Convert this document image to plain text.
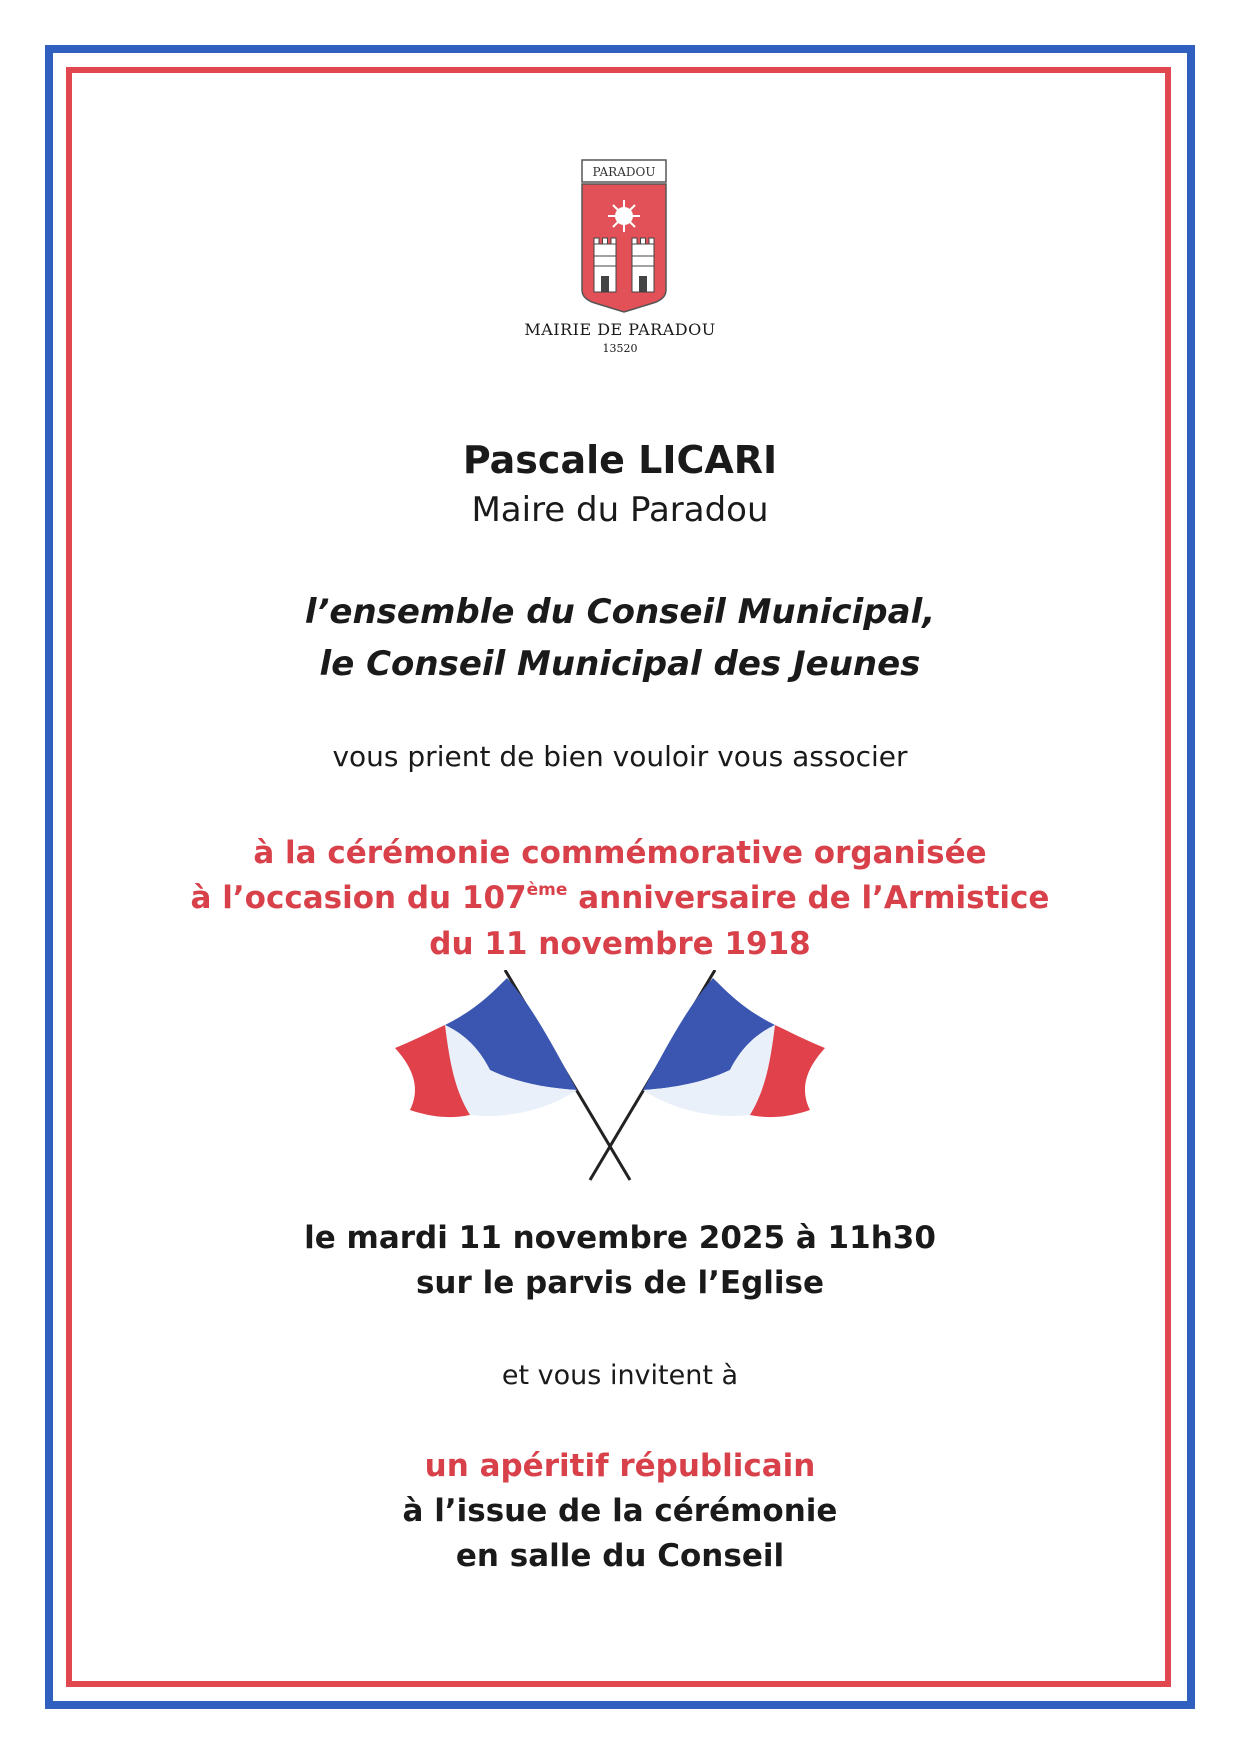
PARADOU
MAIRIE DE PARADOU
13520
Pascale LICARI
Maire du Paradou
l’ensemble du Conseil Municipal,
le Conseil Municipal des Jeunes
vous prient de bien vouloir vous associer
à la cérémonie commémorative organisée
à l’occasion du 107ème anniversaire de l’Armistice
du 11 novembre 1918
le mardi 11 novembre 2025 à 11h30
sur le parvis de l’Eglise
et vous invitent à
un apéritif républicain
à l’issue de la cérémonie
en salle du Conseil
